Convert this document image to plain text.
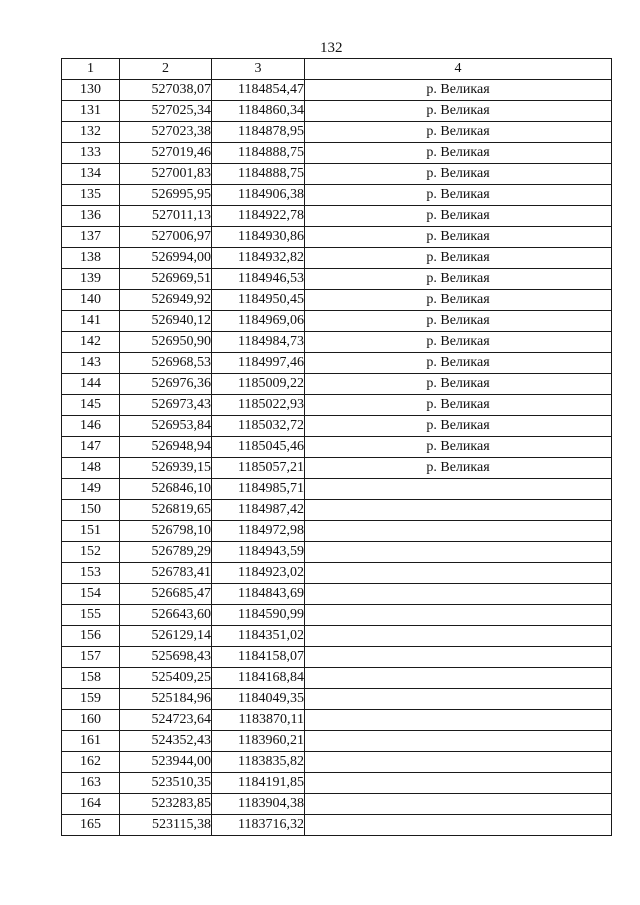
132
1	2	3	4
130	527038,07	1184854,47	р. Великая
131	527025,34	1184860,34	р. Великая
132	527023,38	1184878,95	р. Великая
133	527019,46	1184888,75	р. Великая
134	527001,83	1184888,75	р. Великая
135	526995,95	1184906,38	р. Великая
136	527011,13	1184922,78	р. Великая
137	527006,97	1184930,86	р. Великая
138	526994,00	1184932,82	р. Великая
139	526969,51	1184946,53	р. Великая
140	526949,92	1184950,45	р. Великая
141	526940,12	1184969,06	р. Великая
142	526950,90	1184984,73	р. Великая
143	526968,53	1184997,46	р. Великая
144	526976,36	1185009,22	р. Великая
145	526973,43	1185022,93	р. Великая
146	526953,84	1185032,72	р. Великая
147	526948,94	1185045,46	р. Великая
148	526939,15	1185057,21	р. Великая
149	526846,10	1184985,71	
150	526819,65	1184987,42	
151	526798,10	1184972,98	
152	526789,29	1184943,59	
153	526783,41	1184923,02	
154	526685,47	1184843,69	
155	526643,60	1184590,99	
156	526129,14	1184351,02	
157	525698,43	1184158,07	
158	525409,25	1184168,84	
159	525184,96	1184049,35	
160	524723,64	1183870,11	
161	524352,43	1183960,21	
162	523944,00	1183835,82	
163	523510,35	1184191,85	
164	523283,85	1183904,38	
165	523115,38	1183716,32	
